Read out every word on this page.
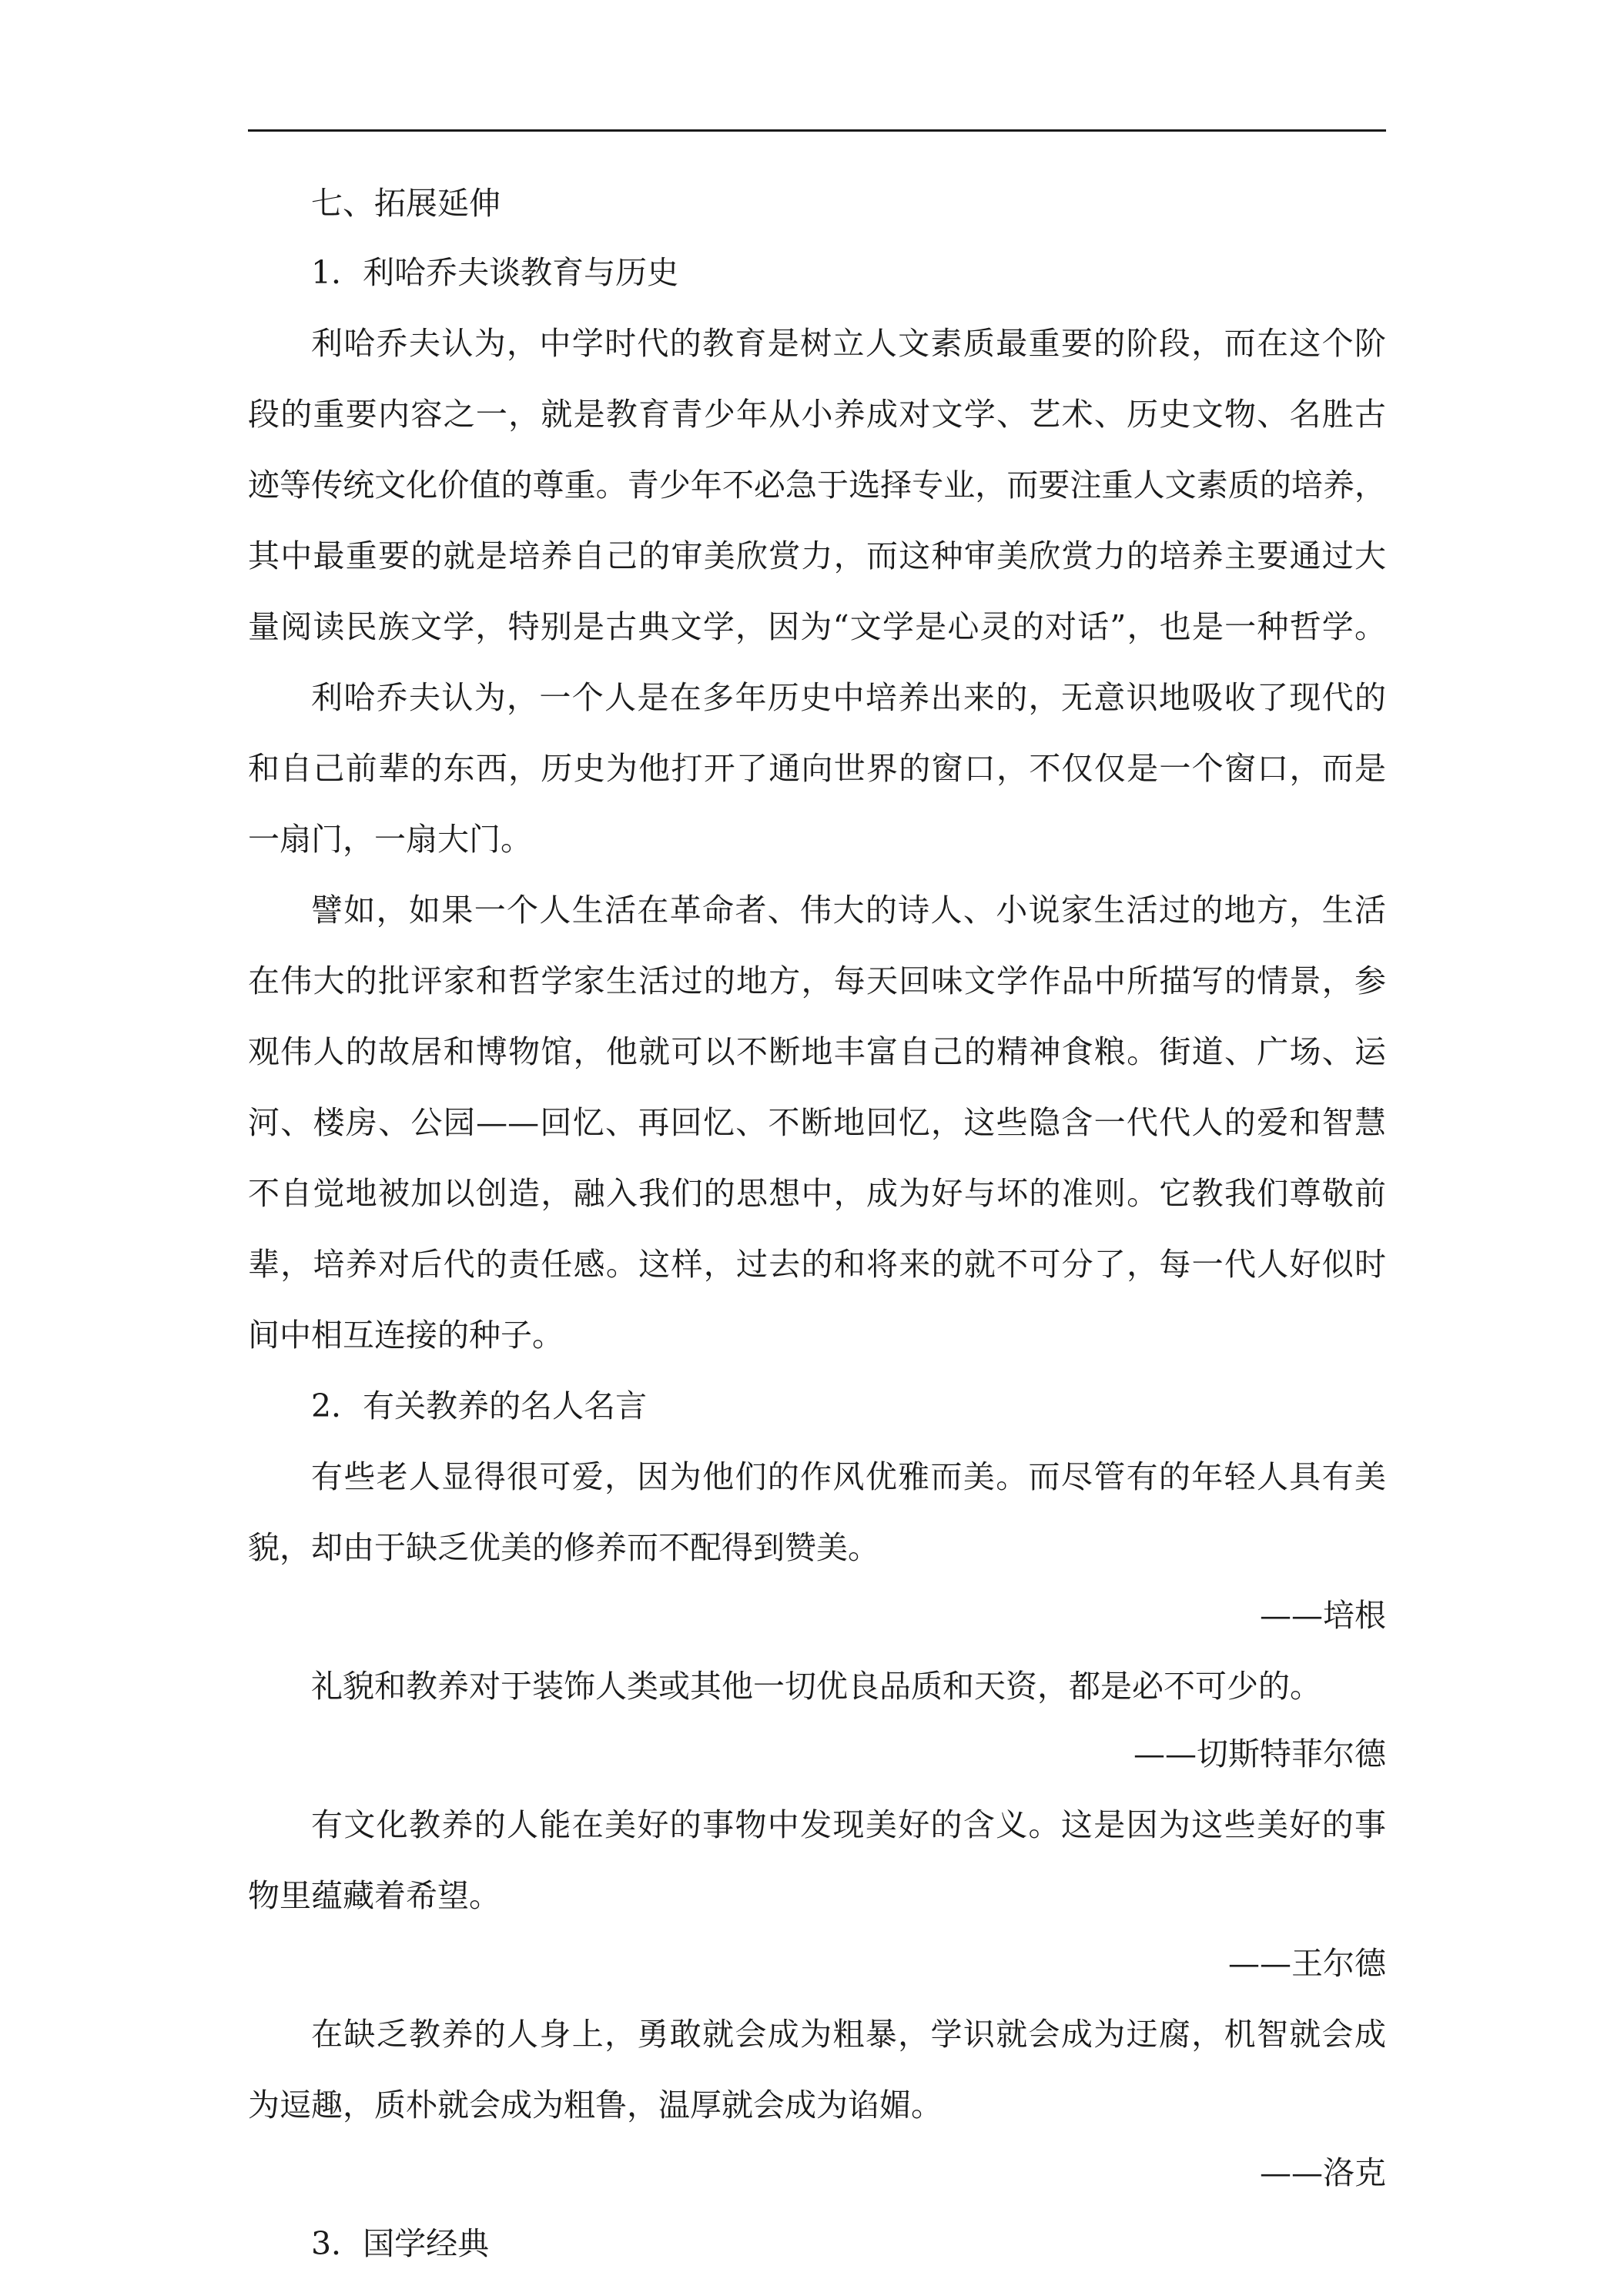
七、拓展延伸
1．利哈乔夫谈教育与历史
利哈乔夫认为，中学时代的教育是树立人文素质最重要的阶段，而在这个阶
段的重要内容之一，就是教育青少年从小养成对文学、艺术、历史文物、名胜古
迹等传统文化价值的尊重。青少年不必急于选择专业，而要注重人文素质的培养，
其中最重要的就是培养自己的审美欣赏力，而这种审美欣赏力的培养主要通过大
量阅读民族文学，特别是古典文学，因为“文学是心灵的对话”，也是一种哲学。
利哈乔夫认为，一个人是在多年历史中培养出来的，无意识地吸收了现代的
和自己前辈的东西，历史为他打开了通向世界的窗口，不仅仅是一个窗口，而是
一扇门，一扇大门。
譬如，如果一个人生活在革命者、伟大的诗人、小说家生活过的地方，生活
在伟大的批评家和哲学家生活过的地方，每天回味文学作品中所描写的情景，参
观伟人的故居和博物馆，他就可以不断地丰富自己的精神食粮。街道、广场、运
河、楼房、公园——回忆、再回忆、不断地回忆，这些隐含一代代人的爱和智慧
不自觉地被加以创造，融入我们的思想中，成为好与坏的准则。它教我们尊敬前
辈，培养对后代的责任感。这样，过去的和将来的就不可分了，每一代人好似时
间中相互连接的种子。
2．有关教养的名人名言
有些老人显得很可爱，因为他们的作风优雅而美。而尽管有的年轻人具有美
貌，却由于缺乏优美的修养而不配得到赞美。
——培根
礼貌和教养对于装饰人类或其他一切优良品质和天资，都是必不可少的。
——切斯特菲尔德
有文化教养的人能在美好的事物中发现美好的含义。这是因为这些美好的事
物里蕴藏着希望。
——王尔德
在缺乏教养的人身上，勇敢就会成为粗暴，学识就会成为迂腐，机智就会成
为逗趣，质朴就会成为粗鲁，温厚就会成为谄媚。
——洛克
3．国学经典
